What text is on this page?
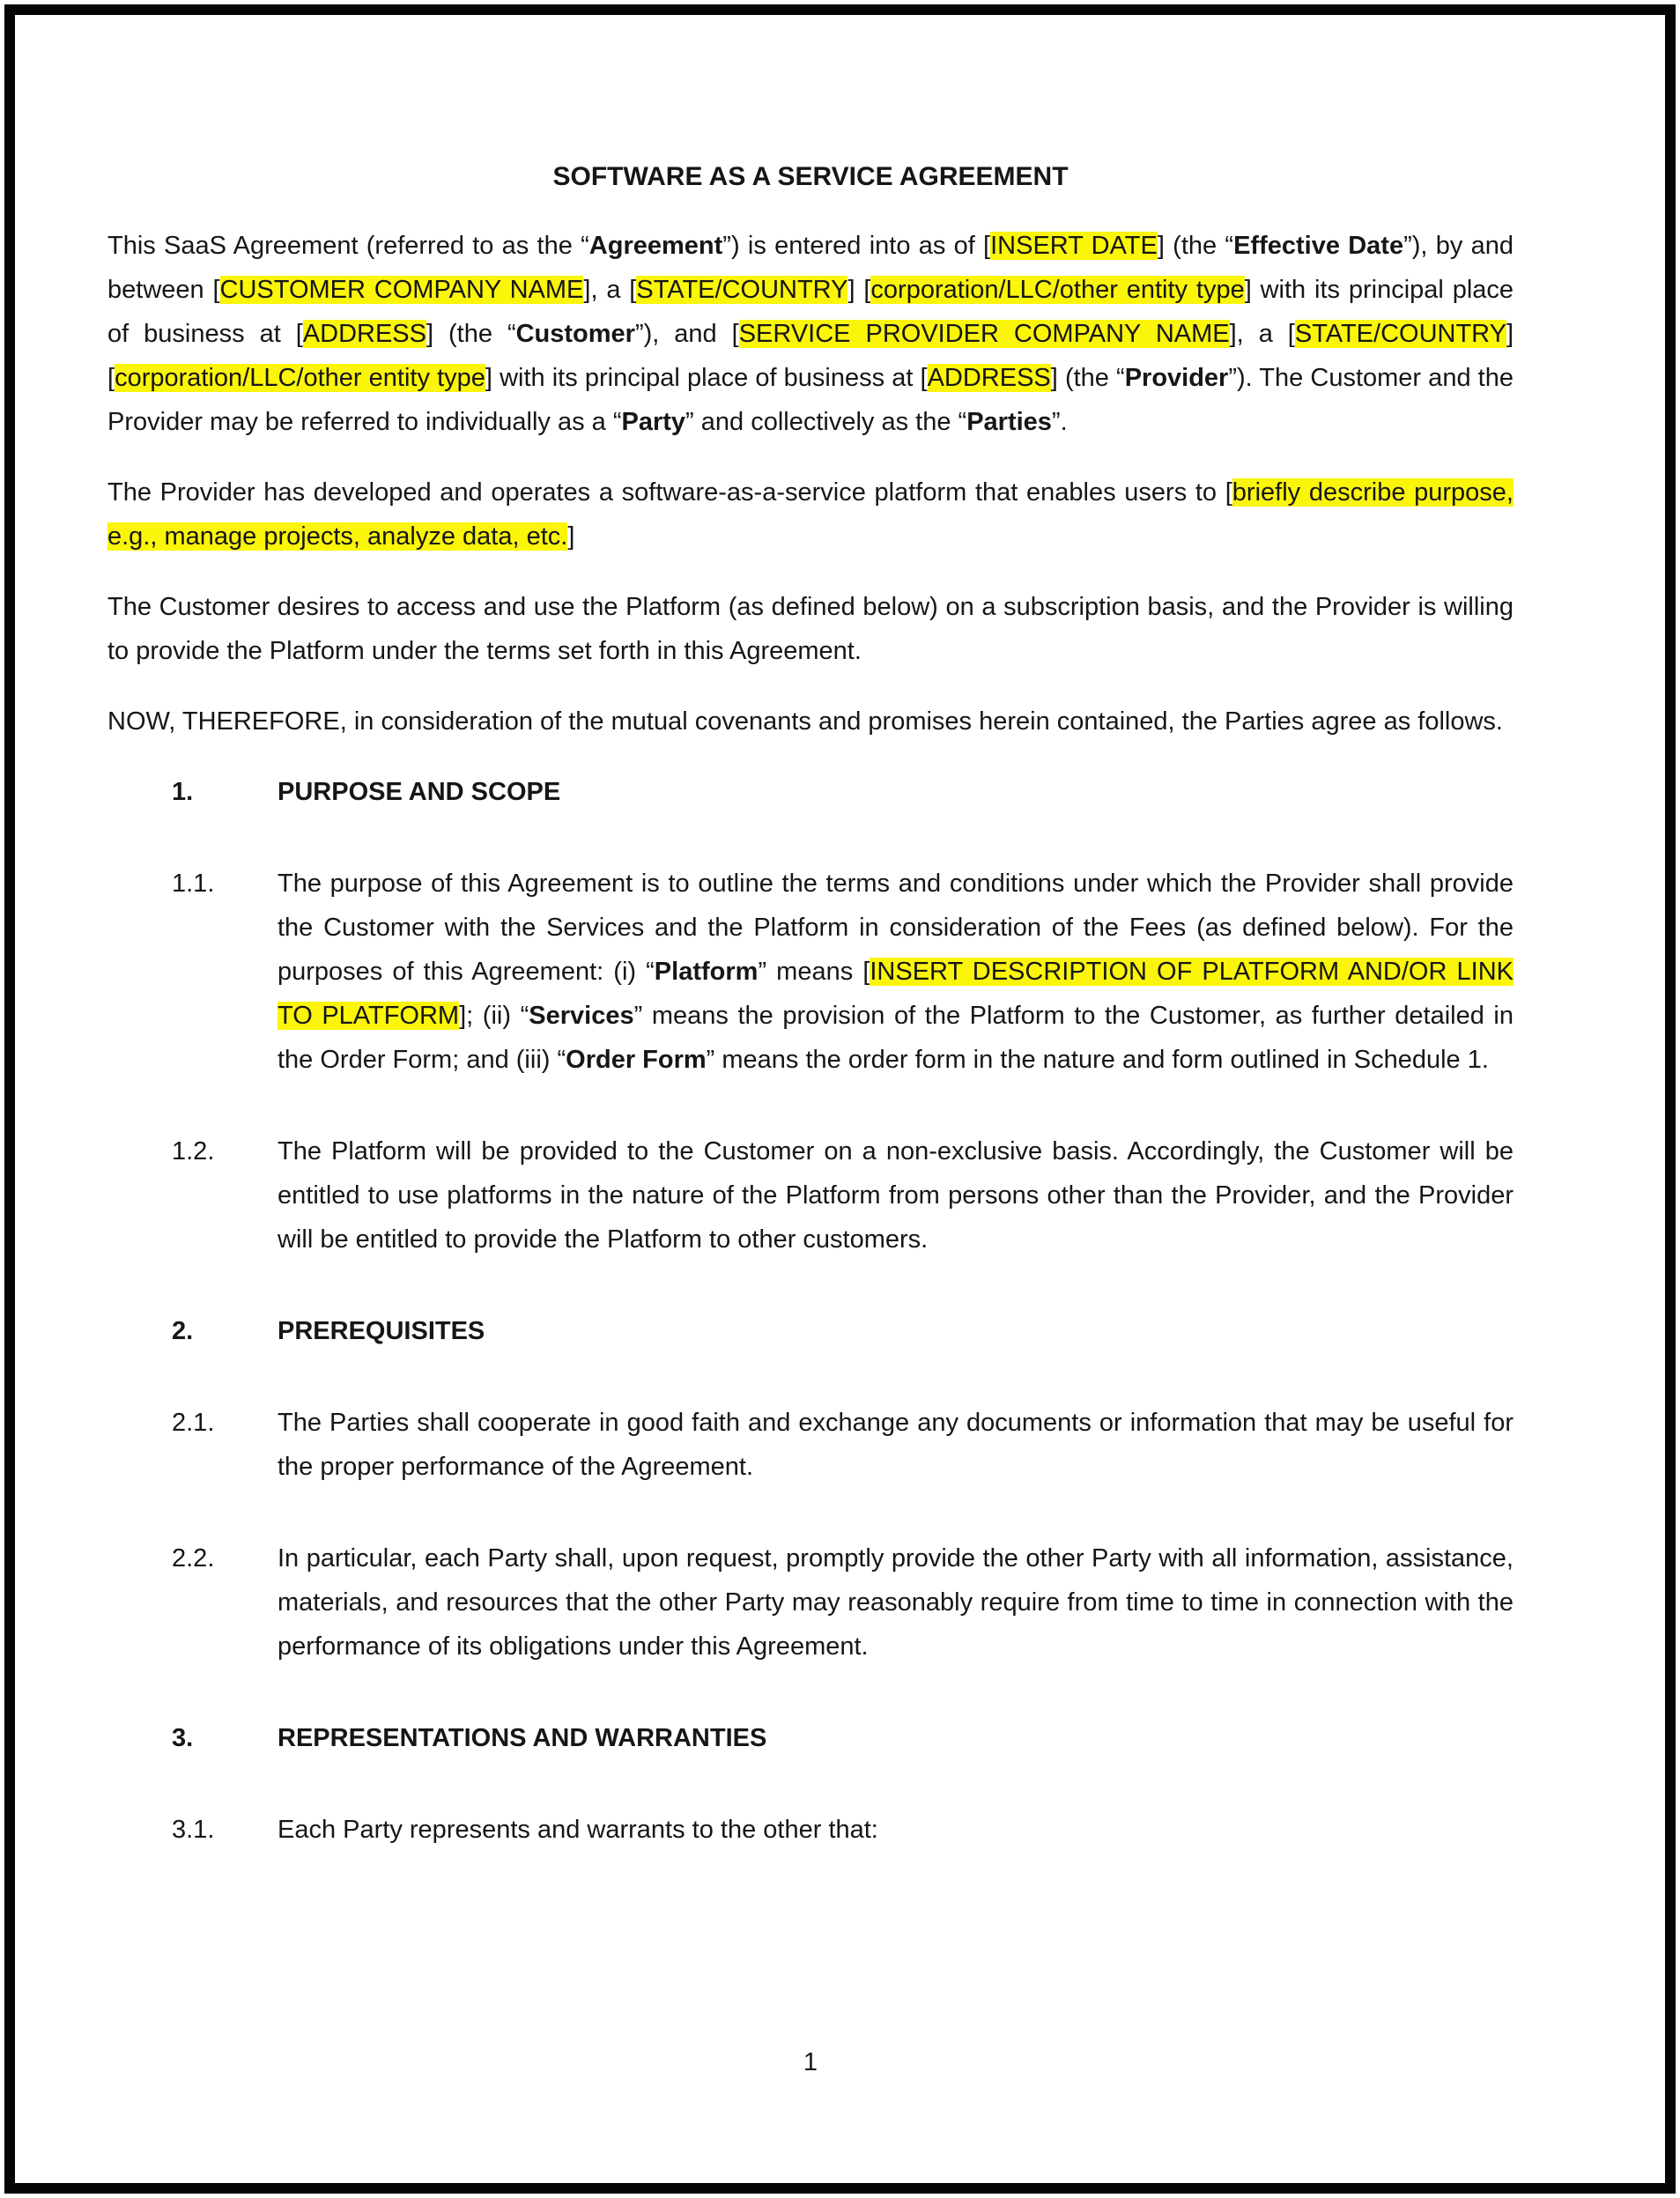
SOFTWARE AS A SERVICE AGREEMENT

This SaaS Agreement (referred to as the “Agreement”) is entered into as of [INSERT DATE] (the “Effective Date”), by and between [CUSTOMER COMPANY NAME], a [STATE/COUNTRY] [corporation/LLC/other entity type] with its principal place of business at [ADDRESS] (the “Customer”), and [SERVICE PROVIDER COMPANY NAME], a [STATE/COUNTRY] [corporation/LLC/other entity type] with its principal place of business at [ADDRESS] (the “Provider”). The Customer and the Provider may be referred to individually as a “Party” and collectively as the “Parties”.

The Provider has developed and operates a software-as-a-service platform that enables users to [briefly describe purpose, e.g., manage projects, analyze data, etc.]

The Customer desires to access and use the Platform (as defined below) on a subscription basis, and the Provider is willing to provide the Platform under the terms set forth in this Agreement.

NOW, THEREFORE, in consideration of the mutual covenants and promises herein contained, the Parties agree as follows.

1.	PURPOSE AND SCOPE
1.1.	The purpose of this Agreement is to outline the terms and conditions under which the Provider shall provide the Customer with the Services and the Platform in consideration of the Fees (as defined below). For the purposes of this Agreement: (i) “Platform” means [INSERT DESCRIPTION OF PLATFORM AND/OR LINK TO PLATFORM]; (ii) “Services” means the provision of the Platform to the Customer, as further detailed in the Order Form; and (iii) “Order Form” means the order form in the nature and form outlined in Schedule 1.
1.2.	The Platform will be provided to the Customer on a non-exclusive basis. Accordingly, the Customer will be entitled to use platforms in the nature of the Platform from persons other than the Provider, and the Provider will be entitled to provide the Platform to other customers.
2.	PREREQUISITES
2.1.	The Parties shall cooperate in good faith and exchange any documents or information that may be useful for the proper performance of the Agreement.
2.2.	In particular, each Party shall, upon request, promptly provide the other Party with all information, assistance, materials, and resources that the other Party may reasonably require from time to time in connection with the performance of its obligations under this Agreement.
3.	REPRESENTATIONS AND WARRANTIES
3.1.	Each Party represents and warrants to the other that:
1
